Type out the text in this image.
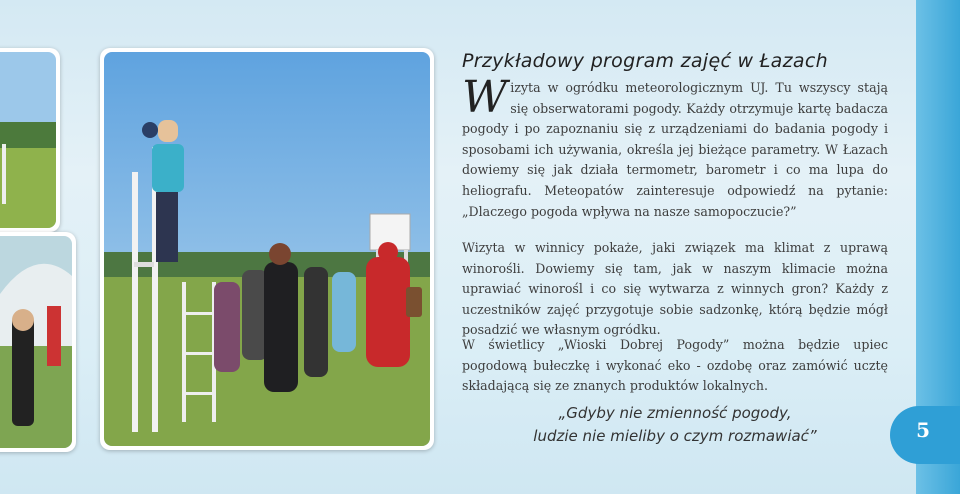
Przykładowy program zajęć w Łazach
Wizyta w ogródku meteorologicznym UJ. Tu wszyscy stają się obserwatorami pogody. Każdy otrzymuje kartę badacza pogody i po zapoznaniu się z urządzeniami do badania pogody i sposobami ich używania, określa jej bieżące parametry. W Łazach dowiemy się jak działa termometr, barometr i co ma lupa do heliografu. Meteopatów zainteresuje odpowiedź na pytanie: „Dlaczego pogoda wpływa na nasze samopoczucie?”
Wizyta w winnicy pokaże, jaki związek ma klimat z uprawą winorośli. Dowiemy się tam, jak w naszym klimacie można uprawiać winorośl i co się wytwarza z winnych gron? Każdy z uczestników zajęć przygotuje sobie sadzonkę, którą będzie mógł posadzić we własnym ogródku.
W świetlicy „Wioski Dobrej Pogody” można będzie upiec pogodową bułeczkę i wykonać eko - ozdobę oraz zamówić ucztę składającą się ze znanych produktów lokalnych.
„Gdyby nie zmienność pogody,
ludzie nie mieliby o czym rozmawiać”	5
